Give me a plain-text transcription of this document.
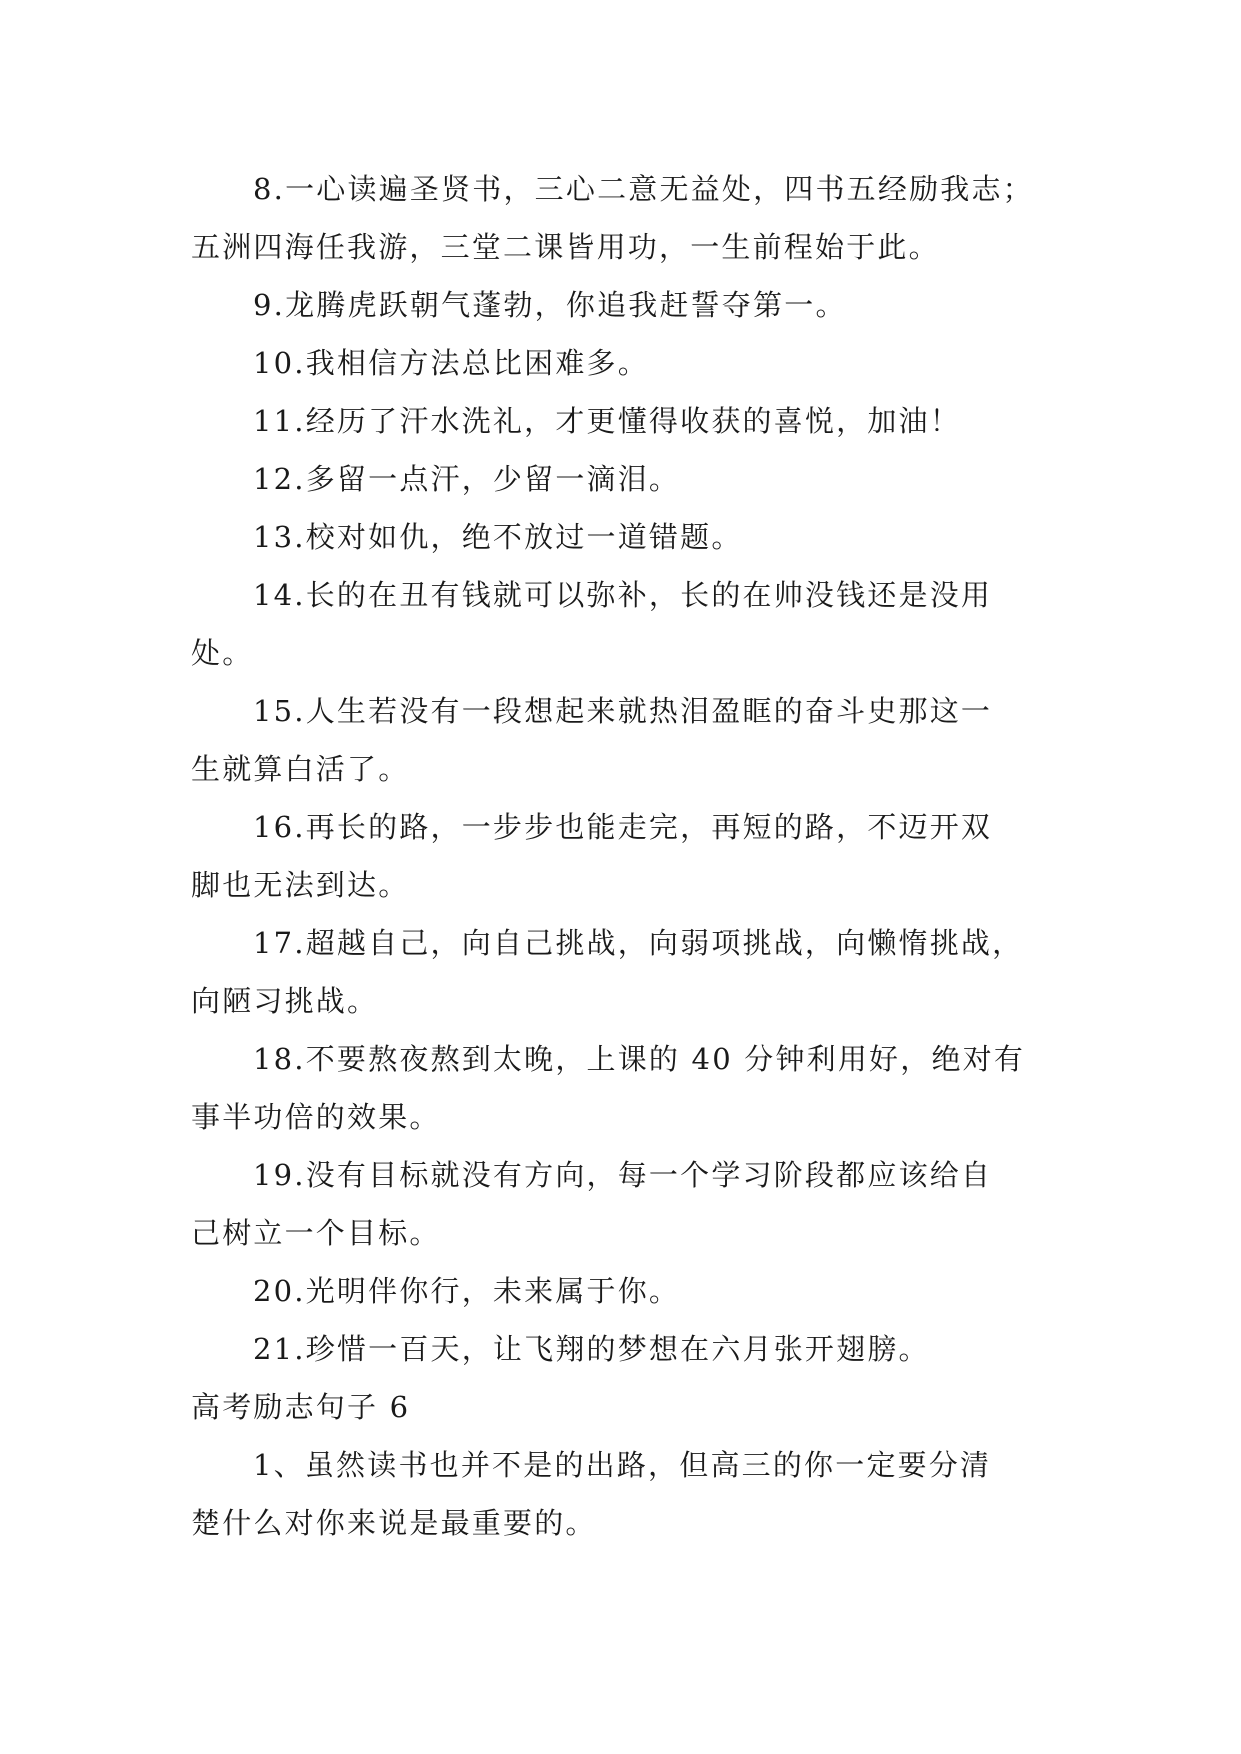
8.一心读遍圣贤书，三心二意无益处，四书五经励我志；
五洲四海任我游，三堂二课皆用功，一生前程始于此。

9.龙腾虎跃朝气蓬勃，你追我赶誓夺第一。

10.我相信方法总比困难多。

11.经历了汗水洗礼，才更懂得收获的喜悦，加油！

12.多留一点汗，少留一滴泪。

13.校对如仇，绝不放过一道错题。

14.长的在丑有钱就可以弥补，长的在帅没钱还是没用
处。

15.人生若没有一段想起来就热泪盈眶的奋斗史那这一
生就算白活了。

16.再长的路，一步步也能走完，再短的路，不迈开双
脚也无法到达。

17.超越自己，向自己挑战，向弱项挑战，向懒惰挑战，
向陋习挑战。

18.不要熬夜熬到太晚，上课的 40 分钟利用好，绝对有
事半功倍的效果。

19.没有目标就没有方向，每一个学习阶段都应该给自
己树立一个目标。

20.光明伴你行，未来属于你。

21.珍惜一百天，让飞翔的梦想在六月张开翅膀。

高考励志句子 6

1、虽然读书也并不是的出路，但高三的你一定要分清
楚什么对你来说是最重要的。
